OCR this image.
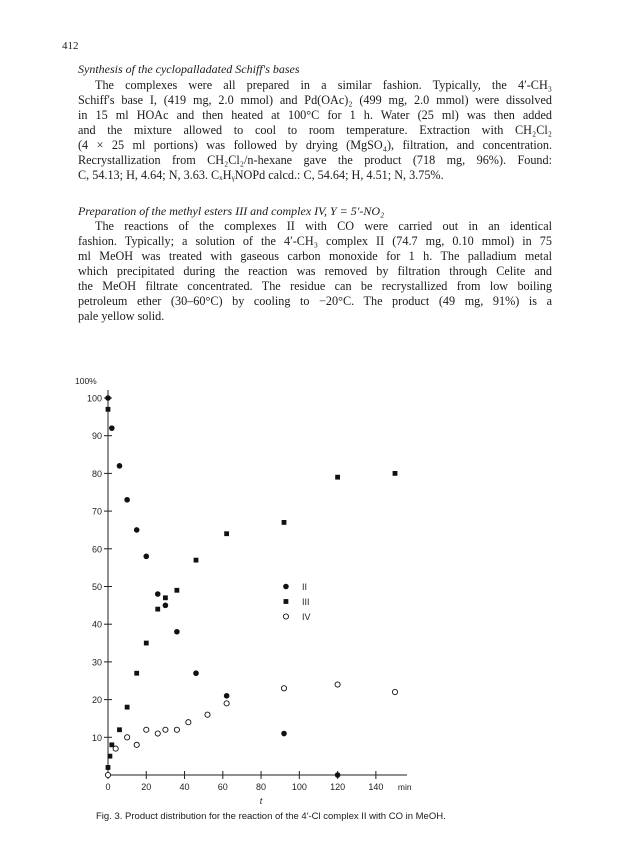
412
Synthesis of the cyclopalladated Schiff's bases
The complexes were all prepared in a similar fashion. Typically, the 4′-CH₃
Schiff's base I, (419 mg, 2.0 mmol) and Pd(OAc)₂ (499 mg, 2.0 mmol) were dissolved
in 15 ml HOAc and then heated at 100°C for 1 h. Water (25 ml) was then added
and the mixture allowed to cool to room temperature. Extraction with CH₂Cl₂
(4 × 25 ml portions) was followed by drying (MgSO₄), filtration, and concentration.
Recrystallization from CH₂Cl₂/n-hexane gave the product (718 mg, 96%). Found:
C, 54.13; H, 4.64; N, 3.63. CₓHᵧNOPd calcd.: C, 54.64; H, 4.51; N, 3.75%.
Preparation of the methyl esters III and complex IV, Y = 5′-NO₂
The reactions of the complexes II with CO were carried out in an identical
fashion. Typically; a solution of the 4′-CH₃ complex II (74.7 mg, 0.10 mmol) in 75
ml MeOH was treated with gaseous carbon monoxide for 1 h. The palladium metal
which precipitated during the reaction was removed by filtration through Celite and
the MeOH filtrate concentrated. The residue can be recrystallized from low boiling
petroleum ether (30–60°C) by cooling to −20°C. The product (49 mg, 91%) is a
pale yellow solid.
10
20
30
40
50
60
70
80
90
100
100%
0	20	40	60	80	100	120	140 min
t
II
III
IV
Fig. 3. Product distribution for the reaction of the 4′-Cl complex II with CO in MeOH.
